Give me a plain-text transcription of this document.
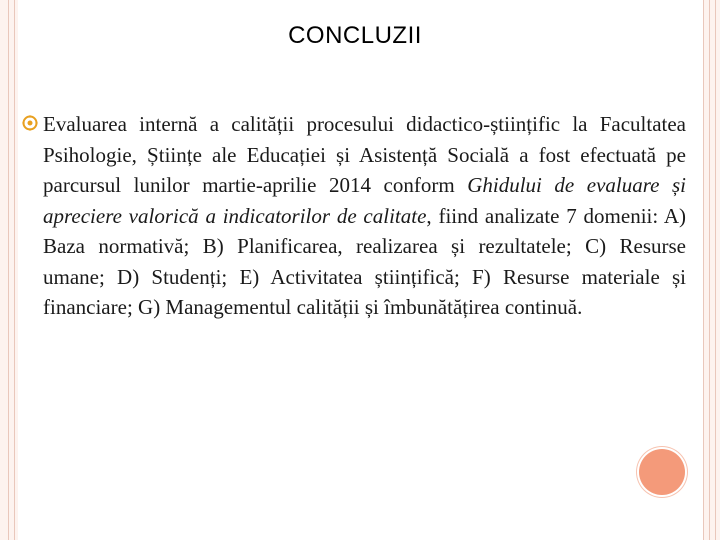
CONCLUZII
Evaluarea internă a calității procesului didactico-științific la Facultatea Psihologie, Științe ale Educației și Asistență Socială a fost efectuată pe parcursul lunilor martie-aprilie 2014 conform Ghidului de evaluare și apreciere valorică a indicatorilor de calitate, fiind analizate 7 domenii: A) Baza normativă; B) Planificarea, realizarea și rezultatele; C) Resurse umane; D) Studenți; E) Activitatea științifică; F) Resurse materiale și financiare; G) Managementul calității și îmbunătățirea continuă.
